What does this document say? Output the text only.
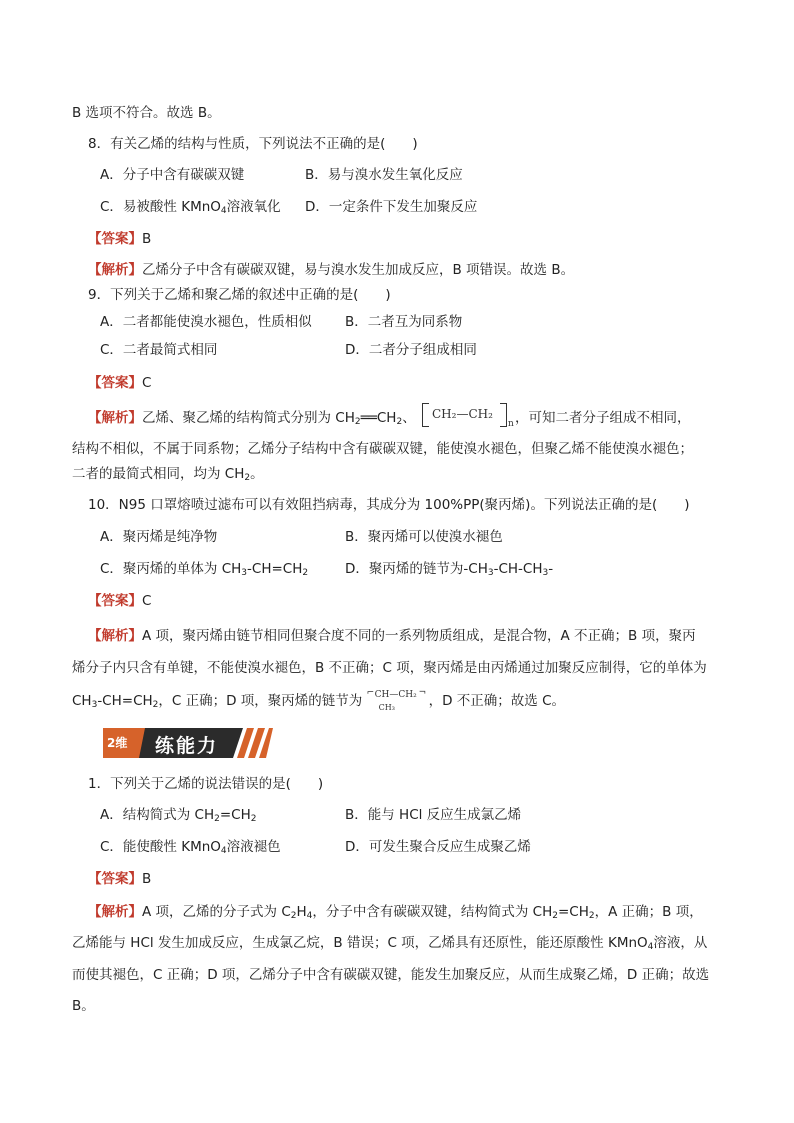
B 选项不符合。故选 B。
8．有关乙烯的结构与性质，下列说法不正确的是(　　)
A．分子中含有碳碳双键	B．易与溴水发生氧化反应
C．易被酸性 KMnO$_4$溶液氧化 D．一定条件下发生加聚反应
【答案】B
【解析】乙烯分子中含有碳碳双键，易与溴水发生加成反应，B 项错误。故选 B。
9．下列关于乙烯和聚乙烯的叙述中正确的是(　　)
A．二者都能使溴水褪色，性质相似 B．二者互为同系物
C．二者最简式相同	D．二者分子组成相同
【答案】C
【解析】乙烯、聚乙烯的结构简式分别为 $CH_2══CH_2$、 CH₂—CH₂
n ，可知二者分子组成不相同，
结构不相似，不属于同系物；乙烯分子结构中含有碳碳双键，能使溴水褪色，但聚乙烯不能使溴水褪色；
二者的最简式相同，均为 $CH_2$。
10．N95 口罩熔喷过滤布可以有效阻挡病毒，其成分为 100%PP(聚丙烯)。下列说法正确的是(　　)
A．聚丙烯是纯净物	B．聚丙烯可以使溴水褪色
C．聚丙烯的单体为 $CH_3-CH=CH_2$	D．聚丙烯的链节为$-CH_3-CH-CH_3-$
【答案】C
【解析】A 项，聚丙烯由链节相同但聚合度不同的一系列物质组成，是混合物，A 不正确；B 项，聚丙
烯分子内只含有单键，不能使溴水褪色，B 不正确；C 项，聚丙烯是由丙烯通过加聚反应制得，它的单体为
$CH_3-CH=CH_2$，C 正确；D 项，聚丙烯的链节为 ⌐ CH—CH₂ ¬
CH₃ ，D 不正确；故选 C。
2维 练能力
1．下列关于乙烯的说法错误的是(　　)
A．结构简式为 $CH_2=CH_2$	B．能与 HCl 反应生成氯乙烯
C．能使酸性 KMnO$_4$溶液褪色	D．可发生聚合反应生成聚乙烯
【答案】B
【解析】A 项，乙烯的分子式为 $C_2H_4$，分子中含有碳碳双键，结构简式为 $CH_2=CH_2$，A 正确；B 项，
乙烯能与 HCl 发生加成反应，生成氯乙烷，B 错误；C 项，乙烯具有还原性，能还原酸性 KMnO$_4$溶液，从
而使其褪色，C 正确；D 项，乙烯分子中含有碳碳双键，能发生加聚反应，从而生成聚乙烯，D 正确；故选
B。
